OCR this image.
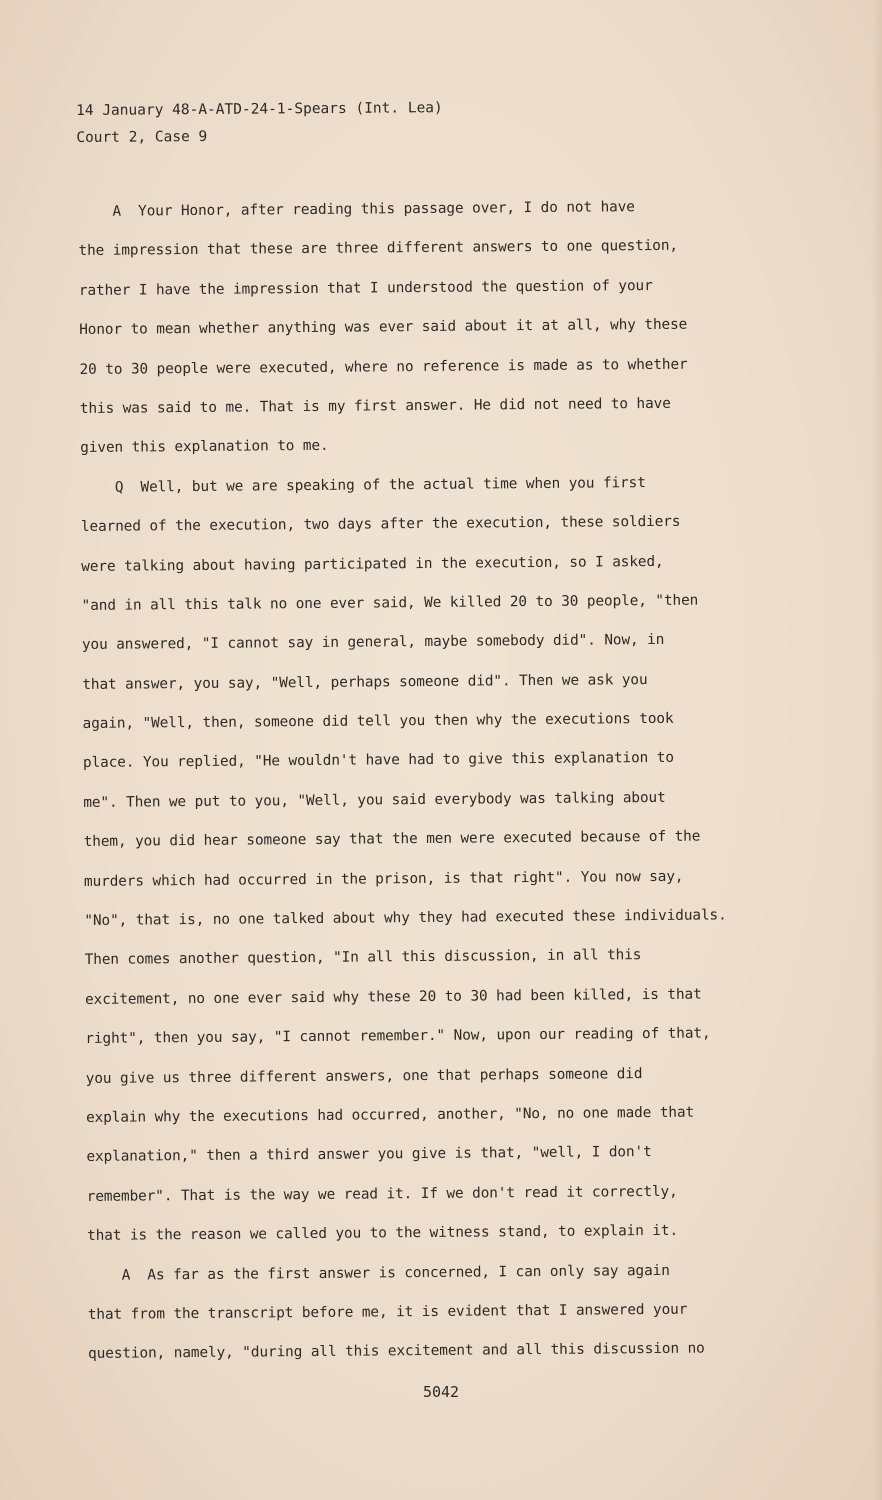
14 January 48-A-ATD-24-1-Spears (Int. Lea)
Court 2, Case 9
A  Your Honor, after reading this passage over, I do not have
the impression that these are three different answers to one question,
rather I have the impression that I understood the question of your
Honor to mean whether anything was ever said about it at all, why these
20 to 30 people were executed, where no reference is made as to whether
this was said to me. That is my first answer. He did not need to have
given this explanation to me.
Q  Well, but we are speaking of the actual time when you first
learned of the execution, two days after the execution, these soldiers
were talking about having participated in the execution, so I asked,
"and in all this talk no one ever said, We killed 20 to 30 people, "then
you answered, "I cannot say in general, maybe somebody did". Now, in
that answer, you say, "Well, perhaps someone did". Then we ask you
again, "Well, then, someone did tell you then why the executions took
place. You replied, "He wouldn't have had to give this explanation to
me". Then we put to you, "Well, you said everybody was talking about
them, you did hear someone say that the men were executed because of the
murders which had occurred in the prison, is that right". You now say,
"No", that is, no one talked about why they had executed these individuals.
Then comes another question, "In all this discussion, in all this
excitement, no one ever said why these 20 to 30 had been killed, is that
right", then you say, "I cannot remember." Now, upon our reading of that,
you give us three different answers, one that perhaps someone did
explain why the executions had occurred, another, "No, no one made that
explanation," then a third answer you give is that, "well, I don't
remember". That is the way we read it. If we don't read it correctly,
that is the reason we called you to the witness stand, to explain it.
A  As far as the first answer is concerned, I can only say again
that from the transcript before me, it is evident that I answered your
question, namely, "during all this excitement and all this discussion no
5042
